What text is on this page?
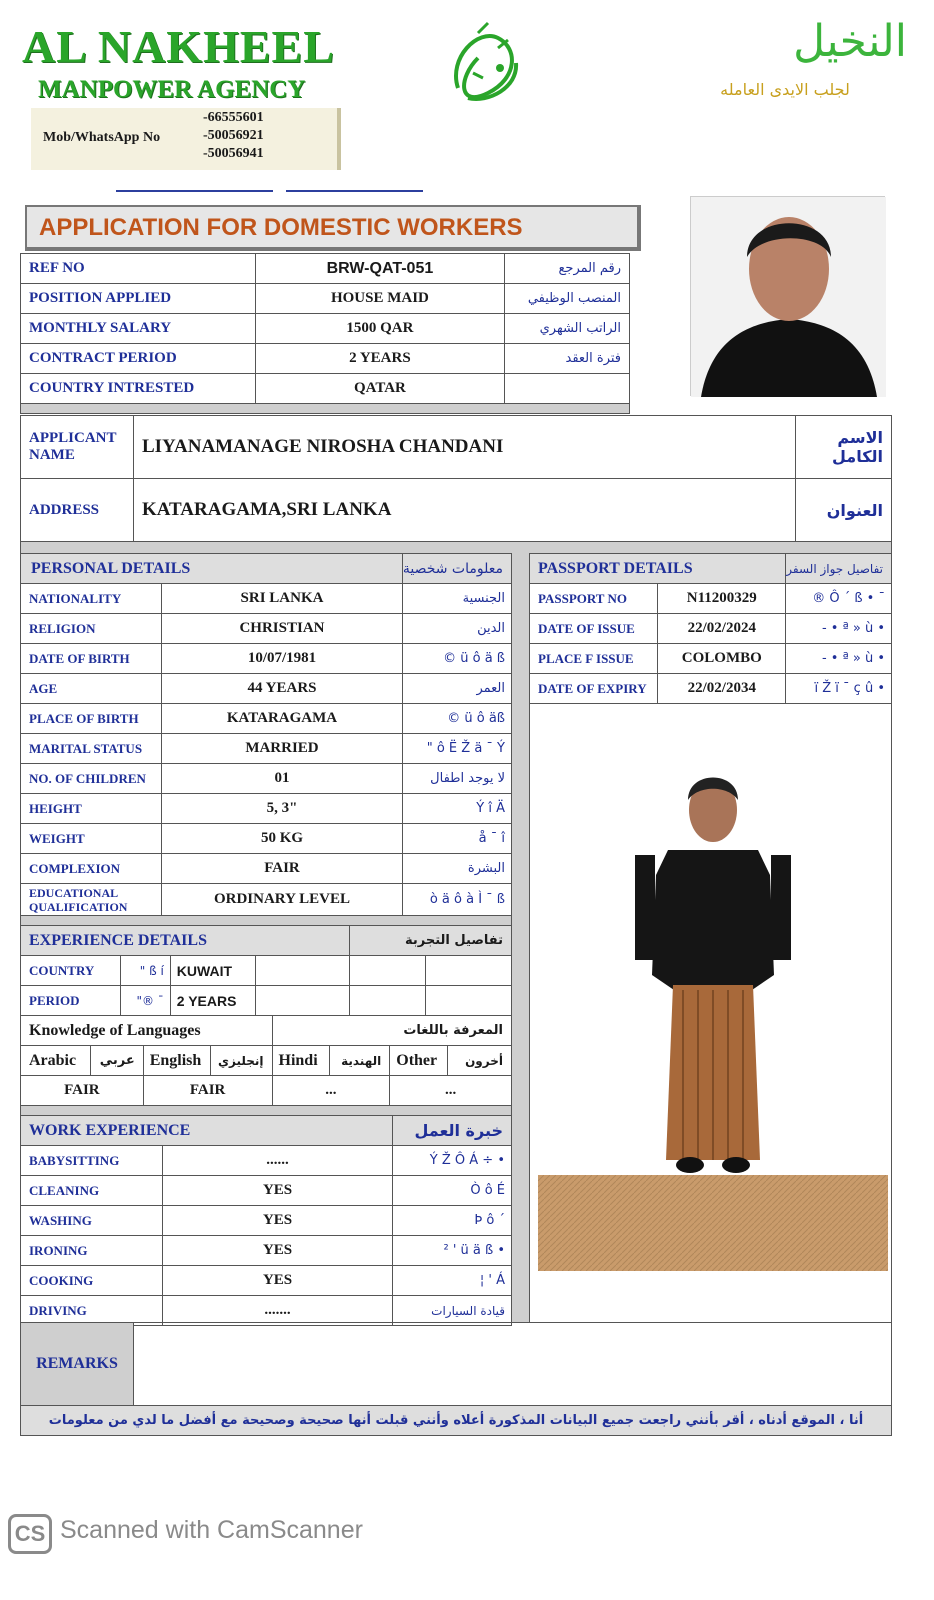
AL NAKHEEL
MANPOWER AGENCY
Mob/WhatsApp No
-66555601
-50056921
-50056941
النخيل
لجلب الايدى العامله
APPLICATION FOR DOMESTIC WORKERS
REF NO	BRW-QAT-051	رقم المرجع
POSITION APPLIED	HOUSE MAID	المنصب الوظيفي
MONTHLY SALARY	1500 QAR	الراتب الشهري
CONTRACT PERIOD	2 YEARS	فترة العقد
COUNTRY INTRESTED	QATAR	

APPLICANT NAME	LIYANAMANAGE NIROSHA CHANDANI	الاسم الكامل
ADDRESS	KATARAGAMA,SRI LANKA	العنوان

PERSONAL DETAILS		معلومات شخصية
NATIONALITY	SRI LANKA	الجنسية
RELIGION	CHRISTIAN	الدين
DATE OF BIRTH	10/07/1981	© ü ô ä ß
AGE	44 YEARS	العمر
PLACE OF BIRTH	KATARAGAMA	© ü ô äß
MARITAL STATUS	MARRIED	" ô Ë Ž ä ¯ Ý
NO. OF CHILDREN	01	لا يوجد اطفال
HEIGHT	5, 3"	Ý î Ä
WEIGHT	50 KG	å ¯ î
COMPLEXION	FAIR	البشرة
EDUCATIONAL QUALIFICATION	ORDINARY LEVEL	ò ä ô à Ì ¯ ß

PASSPORT DETAILS		تفاصيل جواز السفر
PASSPORT NO	N11200329	® Ô ´ ß • ¯
DATE OF ISSUE	22/02/2024	- • ª » ù •
PLACE F ISSUE	COLOMBO	- • ª » ù •
DATE OF EXPIRY	22/02/2034	ï Ž ï ¯ ç û •
EXPERIENCE DETAILS				تفاصيل التجربة	
COUNTRY	" ß í	KUWAIT			
PERIOD	"® ¯	2 YEARS			
Knowledge of Languages				المعرفة باللغات			
Arabic	عربي	English	إنجليزي	Hindi	الهندية	Other	أخرون
FAIR		FAIR		...		...	

WORK EXPERIENCE		خبرة العمل
BABYSITTING	......	Ý Ž Ô Á ÷ •
CLEANING	YES	Ò ô É
WASHING	YES	Þ ô ´
IRONING	YES	² ' ü ä ß •
COOKING	YES	¦ ' Á
DRIVING	.......	قيادة السيارات
REMARKS	
أنا ، الموقع أدناه ، أقر بأنني راجعت جميع البيانات المذكورة أعلاه وأنني قبلت أنها صحيحة وصحيحة مع أفضل ما لدي من معلومات
CS Scanned with CamScanner
